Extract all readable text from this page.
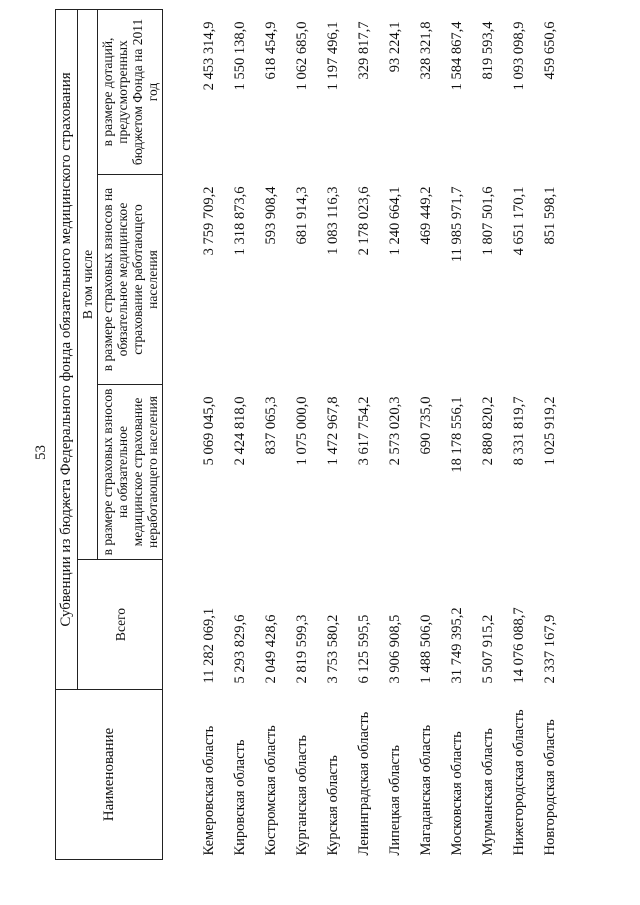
53
Наименование	Субвенции из бюджета Федерального фонда обязательного медицинского страхования			
	Всего	В том числе		
		в размере страховых взносов на обязательное медицинское страхование неработающего населения	в размере страховых взносов на обязательное медицинское страхование работающего населения	в размере дотаций, предусмотренных бюджетом Фонда на 2011 год

Кемеровская область	11 282 069,1	5 069 045,0	3 759 709,2	2 453 314,9
Кировская область	5 293 829,6	2 424 818,0	1 318 873,6	1 550 138,0
Костромская область	2 049 428,6	837 065,3	593 908,4	618 454,9
Курганская область	2 819 599,3	1 075 000,0	681 914,3	1 062 685,0
Курская область	3 753 580,2	1 472 967,8	1 083 116,3	1 197 496,1
Ленинградская область	6 125 595,5	3 617 754,2	2 178 023,6	329 817,7
Липецкая область	3 906 908,5	2 573 020,3	1 240 664,1	93 224,1
Магаданская область	1 488 506,0	690 735,0	469 449,2	328 321,8
Московская область	31 749 395,2	18 178 556,1	11 985 971,7	1 584 867,4
Мурманская область	5 507 915,2	2 880 820,2	1 807 501,6	819 593,4
Нижегородская область	14 076 088,7	8 331 819,7	4 651 170,1	1 093 098,9
Новгородская область	2 337 167,9	1 025 919,2	851 598,1	459 650,6
